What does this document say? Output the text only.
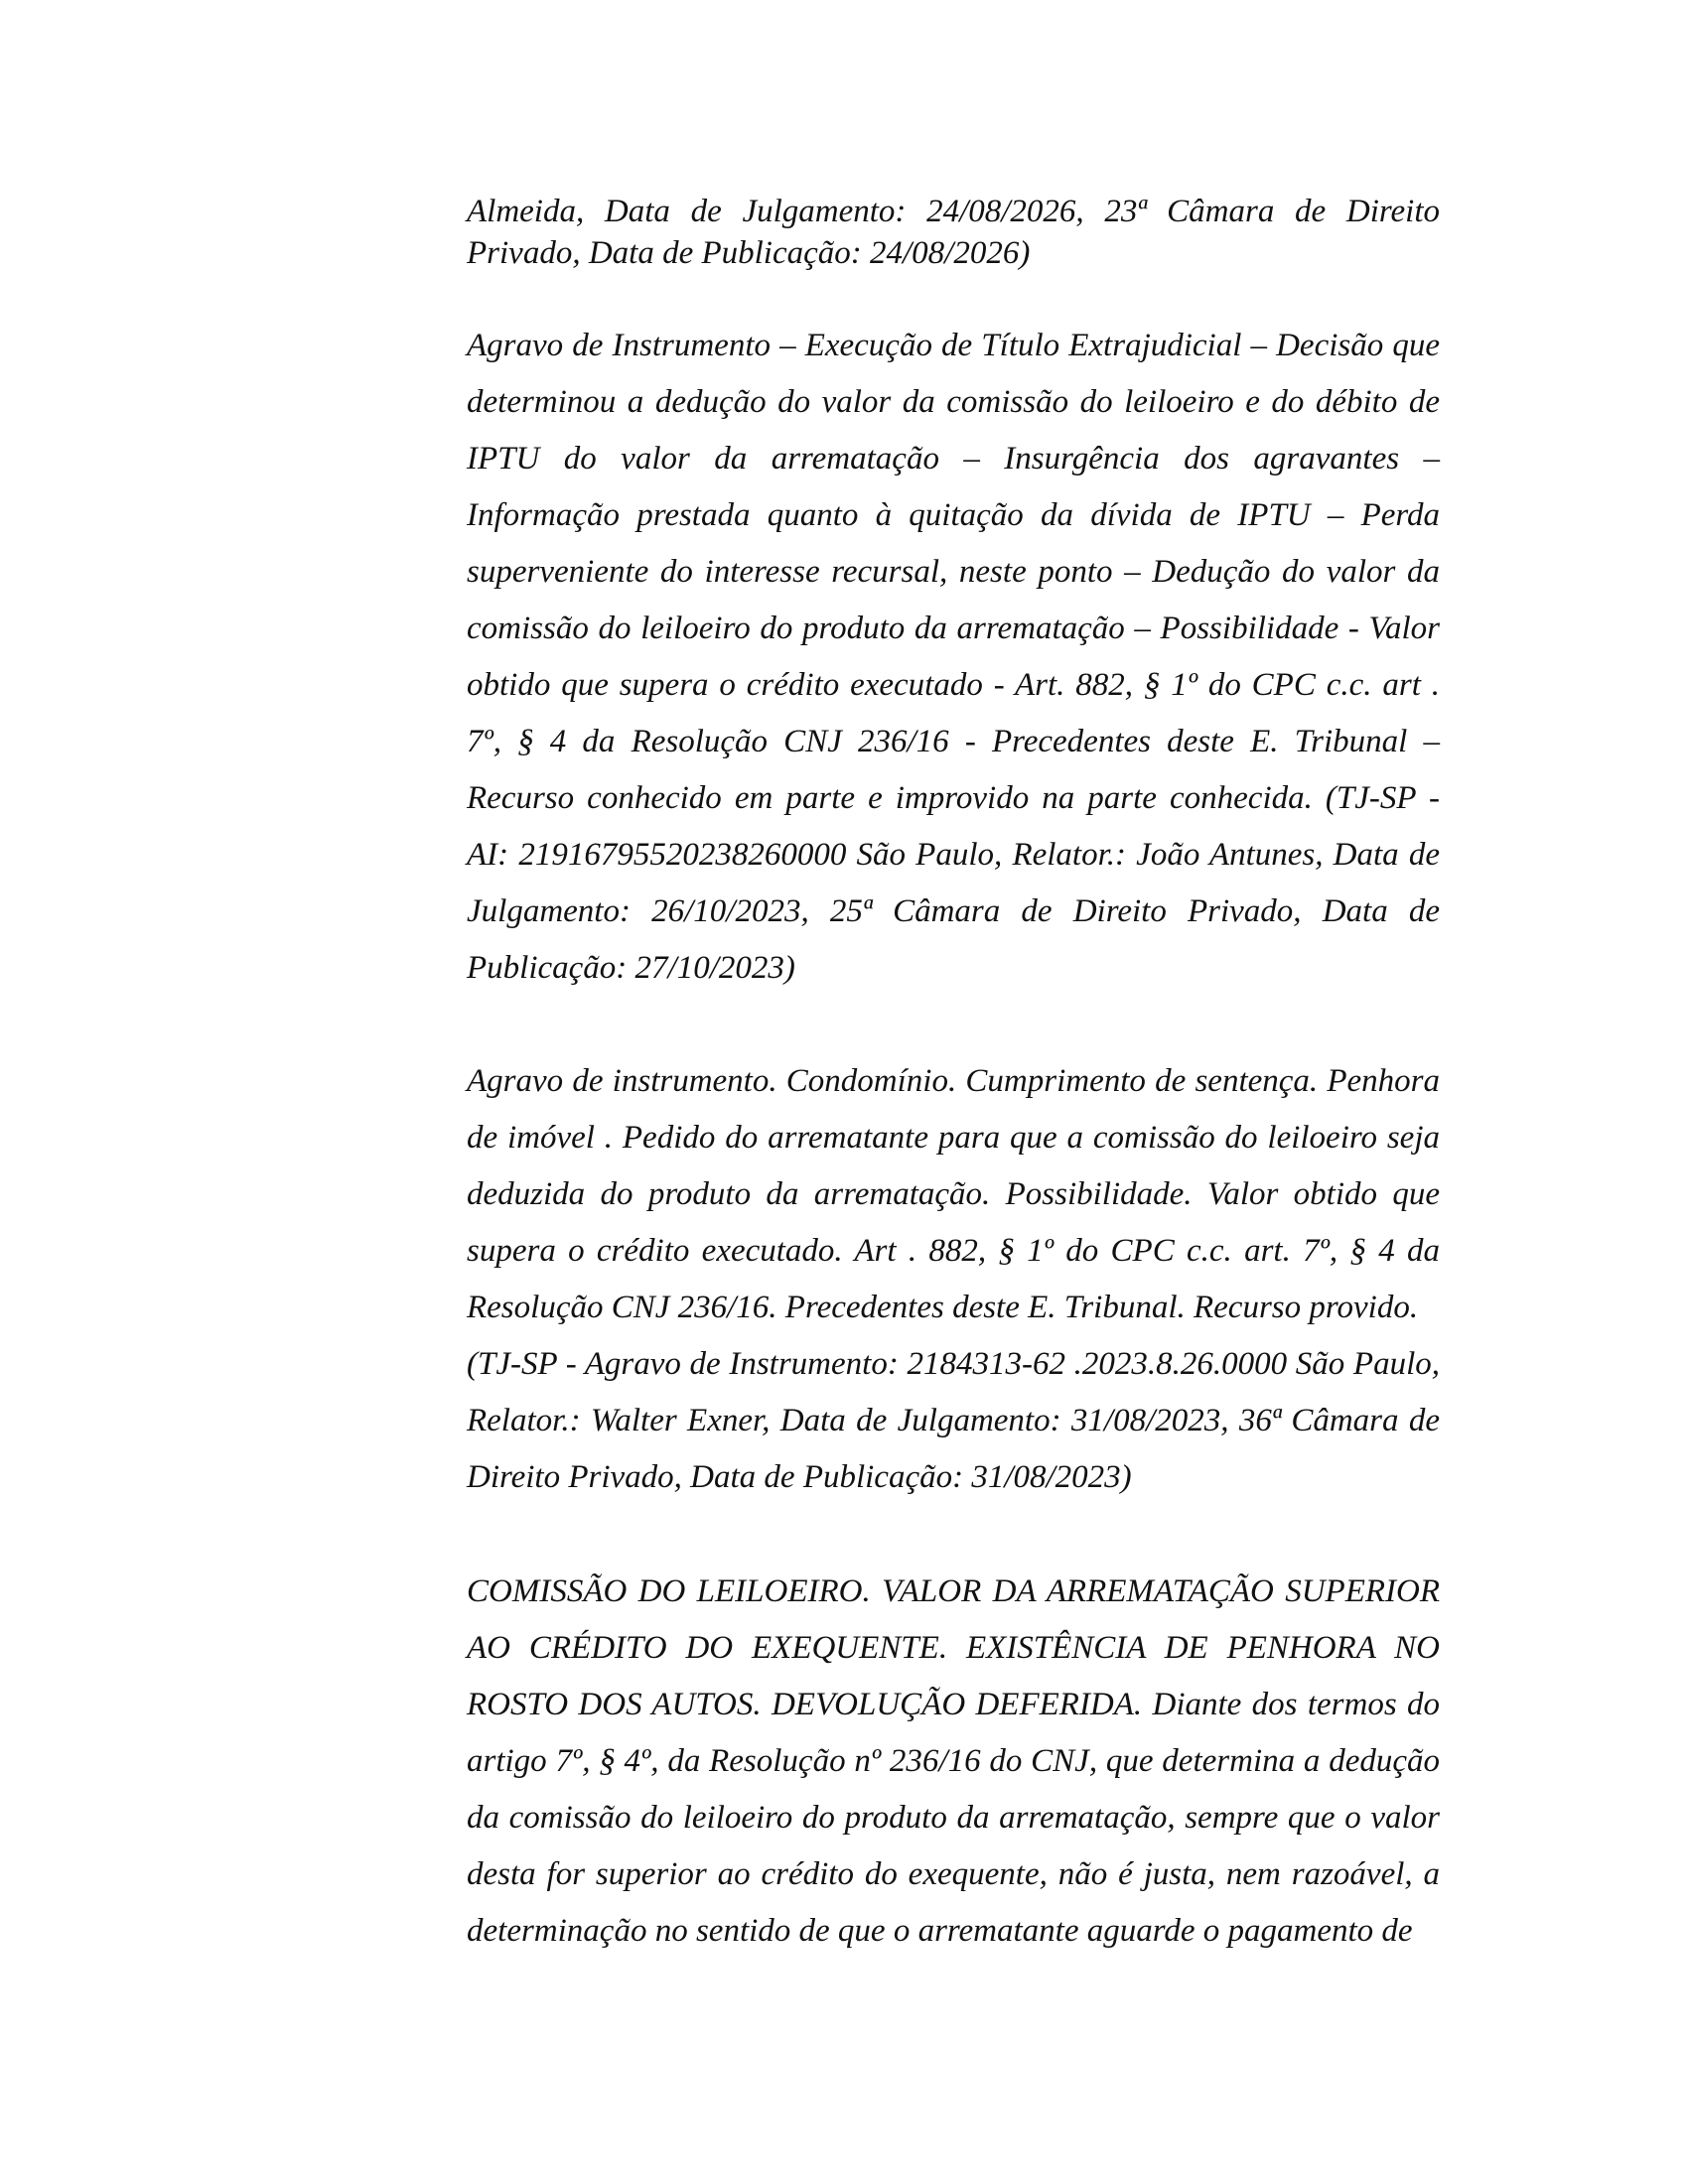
Almeida, Data de Julgamento: 24/08/2026, 23ª Câmara de Direito Privado, Data de Publicação: 24/08/2026)

Agravo de Instrumento – Execução de Título Extrajudicial – Decisão que determinou a dedução do valor da comissão do leiloeiro e do débito de IPTU do valor da arrematação – Insurgência dos agravantes – Informação prestada quanto à quitação da dívida de IPTU – Perda superveniente do interesse recursal, neste ponto – Dedução do valor da comissão do leiloeiro do produto da arrematação – Possibilidade - Valor obtido que supera o crédito executado - Art. 882, § 1º do CPC c.c. art . 7º, § 4 da Resolução CNJ 236/16 - Precedentes deste E. Tribunal – Recurso conhecido em parte e improvido na parte conhecida. (TJ-SP - AI: 21916795520238260000 São Paulo, Relator.: João Antunes, Data de Julgamento: 26/10/2023, 25ª Câmara de Direito Privado, Data de Publicação: 27/10/2023)

Agravo de instrumento. Condomínio. Cumprimento de sentença. Penhora de imóvel . Pedido do arrematante para que a comissão do leiloeiro seja deduzida do produto da arrematação. Possibilidade. Valor obtido que supera o crédito executado. Art . 882, § 1º do CPC c.c. art. 7º, § 4 da Resolução CNJ 236/16. Precedentes deste E. Tribunal. Recurso provido.
(TJ-SP - Agravo de Instrumento: 2184313-62 .2023.8.26.0000 São Paulo, Relator.: Walter Exner, Data de Julgamento: 31/08/2023, 36ª Câmara de Direito Privado, Data de Publicação: 31/08/2023)

COMISSÃO DO LEILOEIRO. VALOR DA ARREMATAÇÃO SUPERIOR AO CRÉDITO DO EXEQUENTE. EXISTÊNCIA DE PENHORA NO ROSTO DOS AUTOS. DEVOLUÇÃO DEFERIDA. Diante dos termos do artigo 7º, § 4º, da Resolução nº 236/16 do CNJ, que determina a dedução da comissão do leiloeiro do produto da arrematação, sempre que o valor desta for superior ao crédito do exequente, não é justa, nem razoável, a determinação no sentido de que o arrematante aguarde o pagamento de
